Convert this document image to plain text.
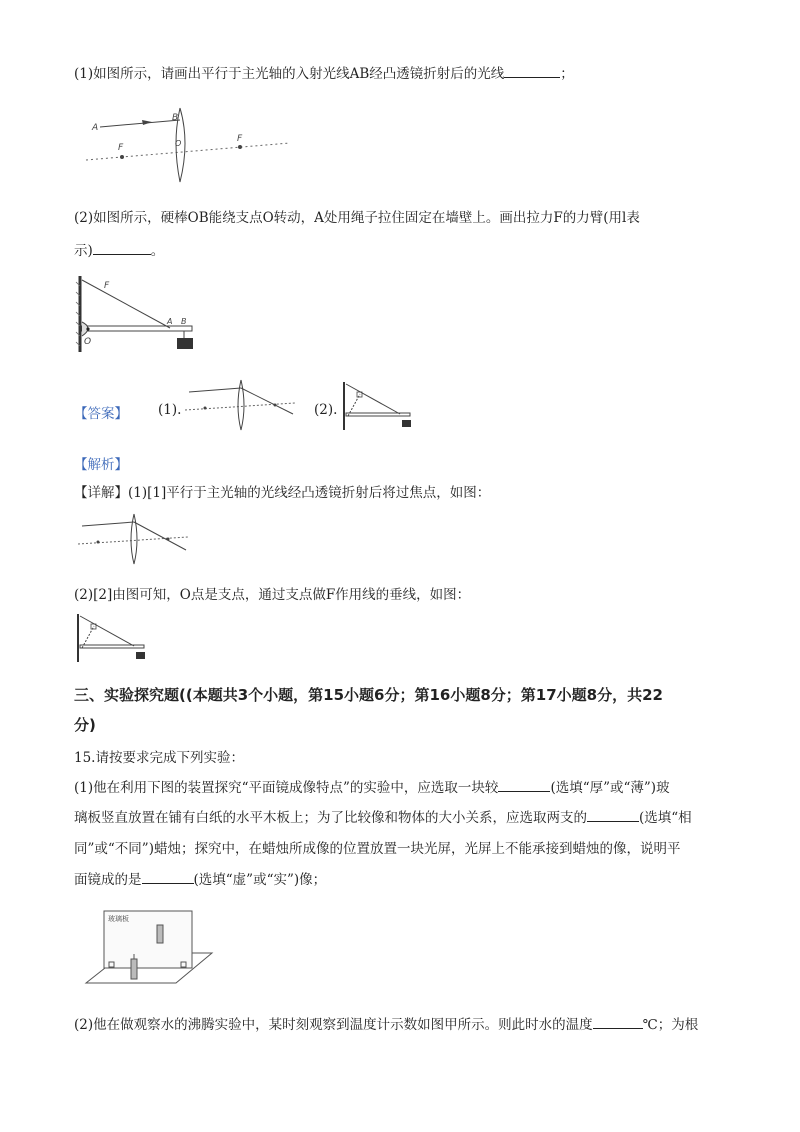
(1)如图所示，请画出平行于主光轴的入射光线AB经凸透镜折射后的光线	；
A
B
F
F
O
(2)如图所示，硬棒OB能绕支点O转动，A处用绳子拉住固定在墙壁上。画出拉力F的力臂(用l表
示)	。
F
A B
O
【答案】 (1).	(2).
【解析】
【详解】(1)[1]平行于主光轴的光线经凸透镜折射后将过焦点，如图：
(2)[2]由图可知，O点是支点，通过支点做F作用线的垂线，如图：
三、实验探究题((本题共3个小题，第15小题6分；第16小题8分；第17小题8分，共22
分)
15.请按要求完成下列实验：
(1)他在利用下图的装置探究“平面镜成像特点”的实验中，应选取一块较	(选填“厚”或“薄”)玻
璃板竖直放置在铺有白纸的水平木板上；为了比较像和物体的大小关系，应选取两支的	(选填“相
同”或“不同”)蜡烛；探究中，在蜡烛所成像的位置放置一块光屏，光屏上不能承接到蜡烛的像，说明平
面镜成的是	(选填“虚”或“实”)像；
玻璃板
(2)他在做观察水的沸腾实验中，某时刻观察到温度计示数如图甲所示。则此时水的温度	℃；为根
